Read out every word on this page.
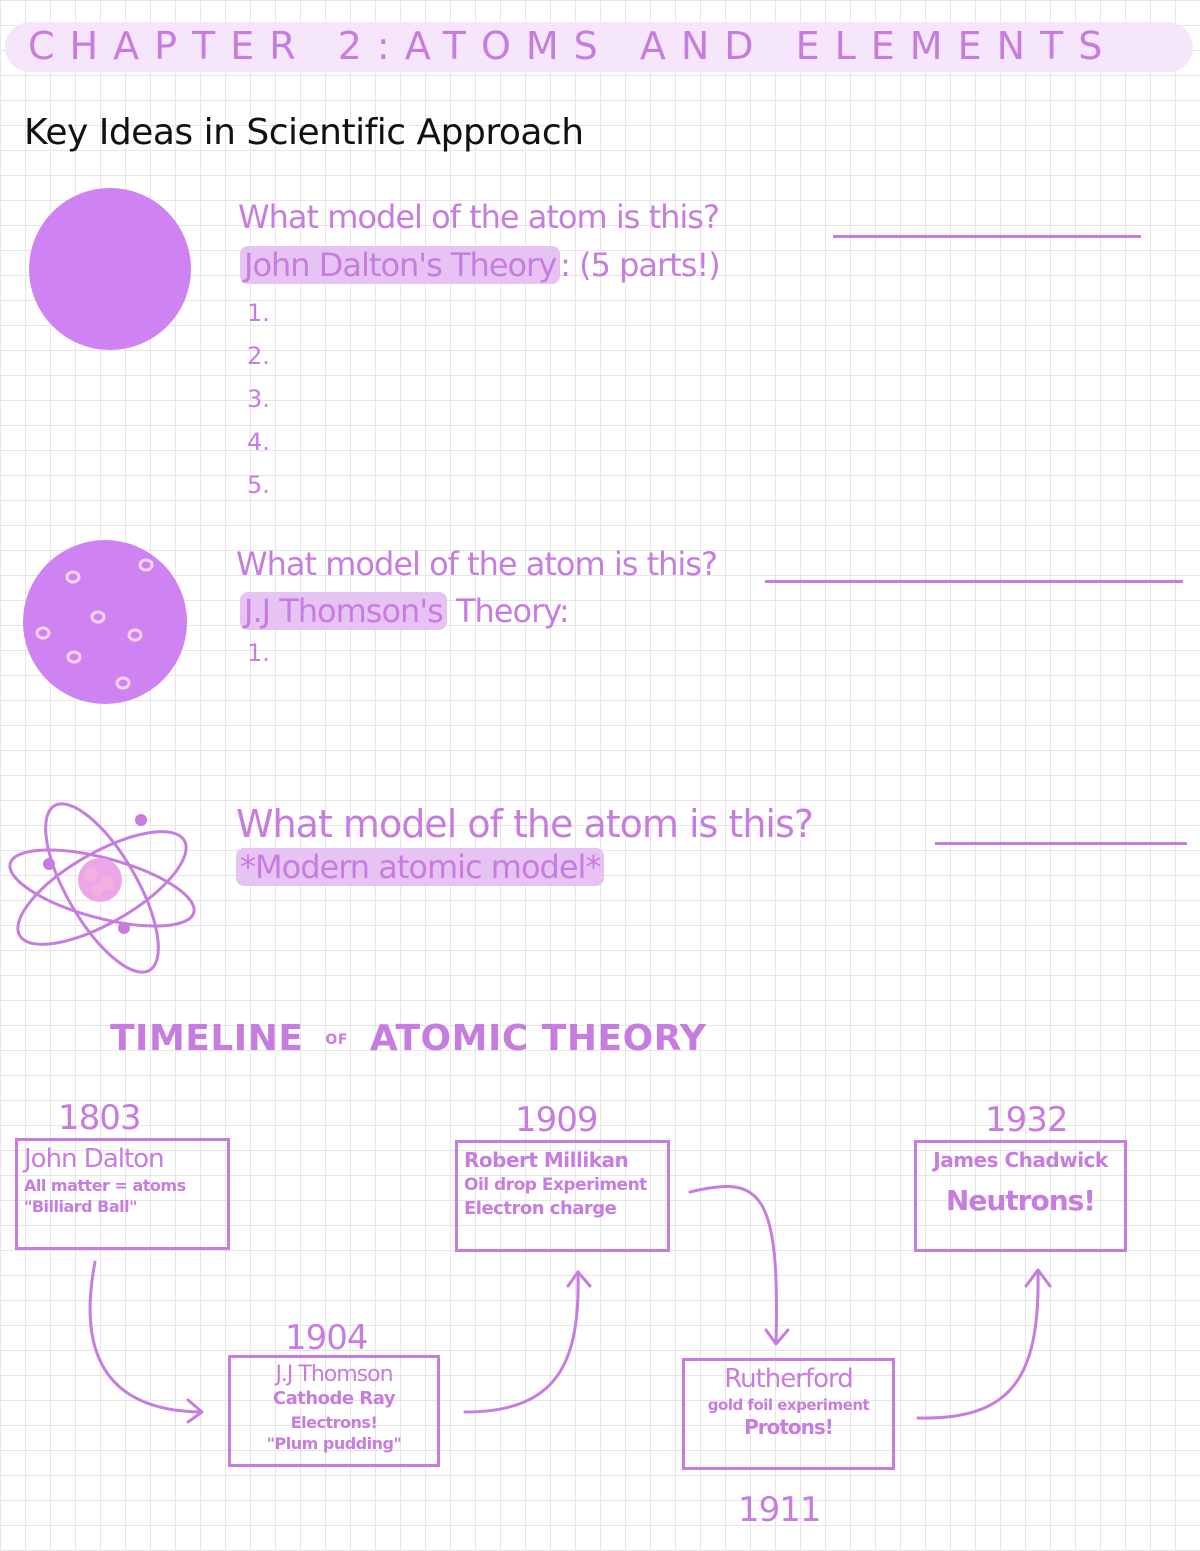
CHAPTER 2:ATOMS AND ELEMENTS
Key Ideas in Scientific Approach
What model of the atom is this?
John Dalton's Theory : (5 parts!)
1.
2.
3.
4.
5.
What model of the atom is this?
J.J Thomson's Theory:
1.
What model of the atom is this?
*Modern atomic model*
TIMELINE OF ATOMIC THEORY
1803
John Dalton
All matter = atoms
"Billiard Ball"
1904
J.J Thomson
Cathode Ray
Electrons!
"Plum pudding"
1909
Robert Millikan
Oil drop Experiment
Electron charge
Rutherford
gold foil experiment
Protons!
1911
1932
James Chadwick
Neutrons!
